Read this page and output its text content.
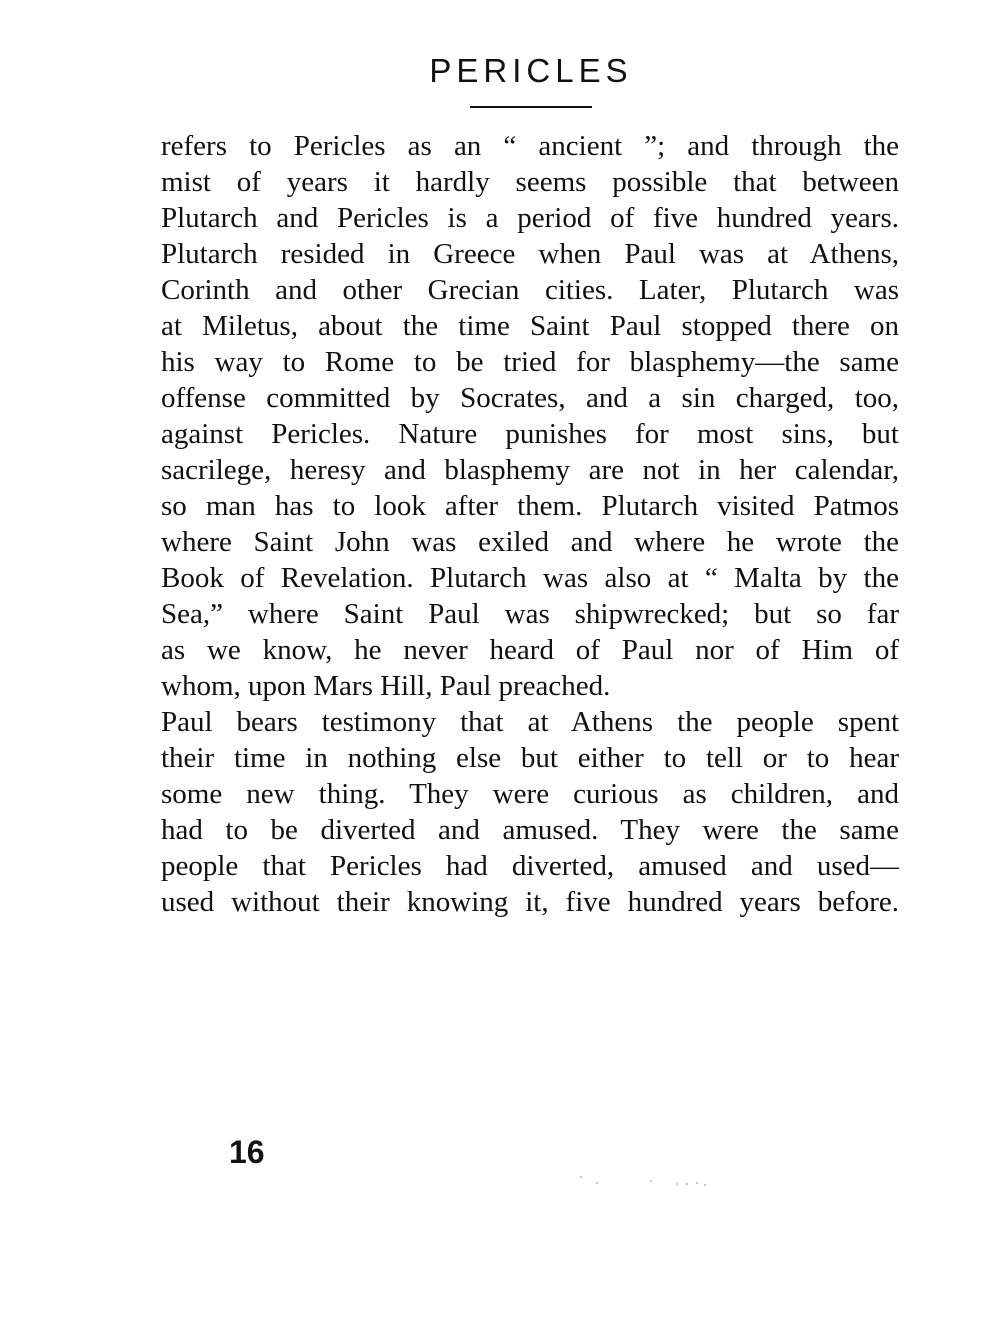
PERICLES
refers to Pericles as an “ ancient ”; and through the
mist of years it hardly seems possible that between
Plutarch and Pericles is a period of five hundred years.
Plutarch resided in Greece when Paul was at Athens,
Corinth and other Grecian cities. Later, Plutarch was
at Miletus, about the time Saint Paul stopped there on
his way to Rome to be tried for blasphemy—the same
offense committed by Socrates, and a sin charged, too,
against Pericles. Nature punishes for most sins, but
sacrilege, heresy and blasphemy are not in her calendar,
so man has to look after them. Plutarch visited Patmos
where Saint John was exiled and where he wrote the
Book of Revelation. Plutarch was also at “ Malta by the
Sea,” where Saint Paul was shipwrecked; but so far
as we know, he never heard of Paul nor of Him of
whom, upon Mars Hill, Paul preached.
Paul bears testimony that at Athens the people spent
their time in nothing else but either to tell or to hear
some new thing. They were curious as children, and
had to be diverted and amused. They were the same
people that Pericles had diverted, amused and used—
used without their knowing it, five hundred years before.
16
